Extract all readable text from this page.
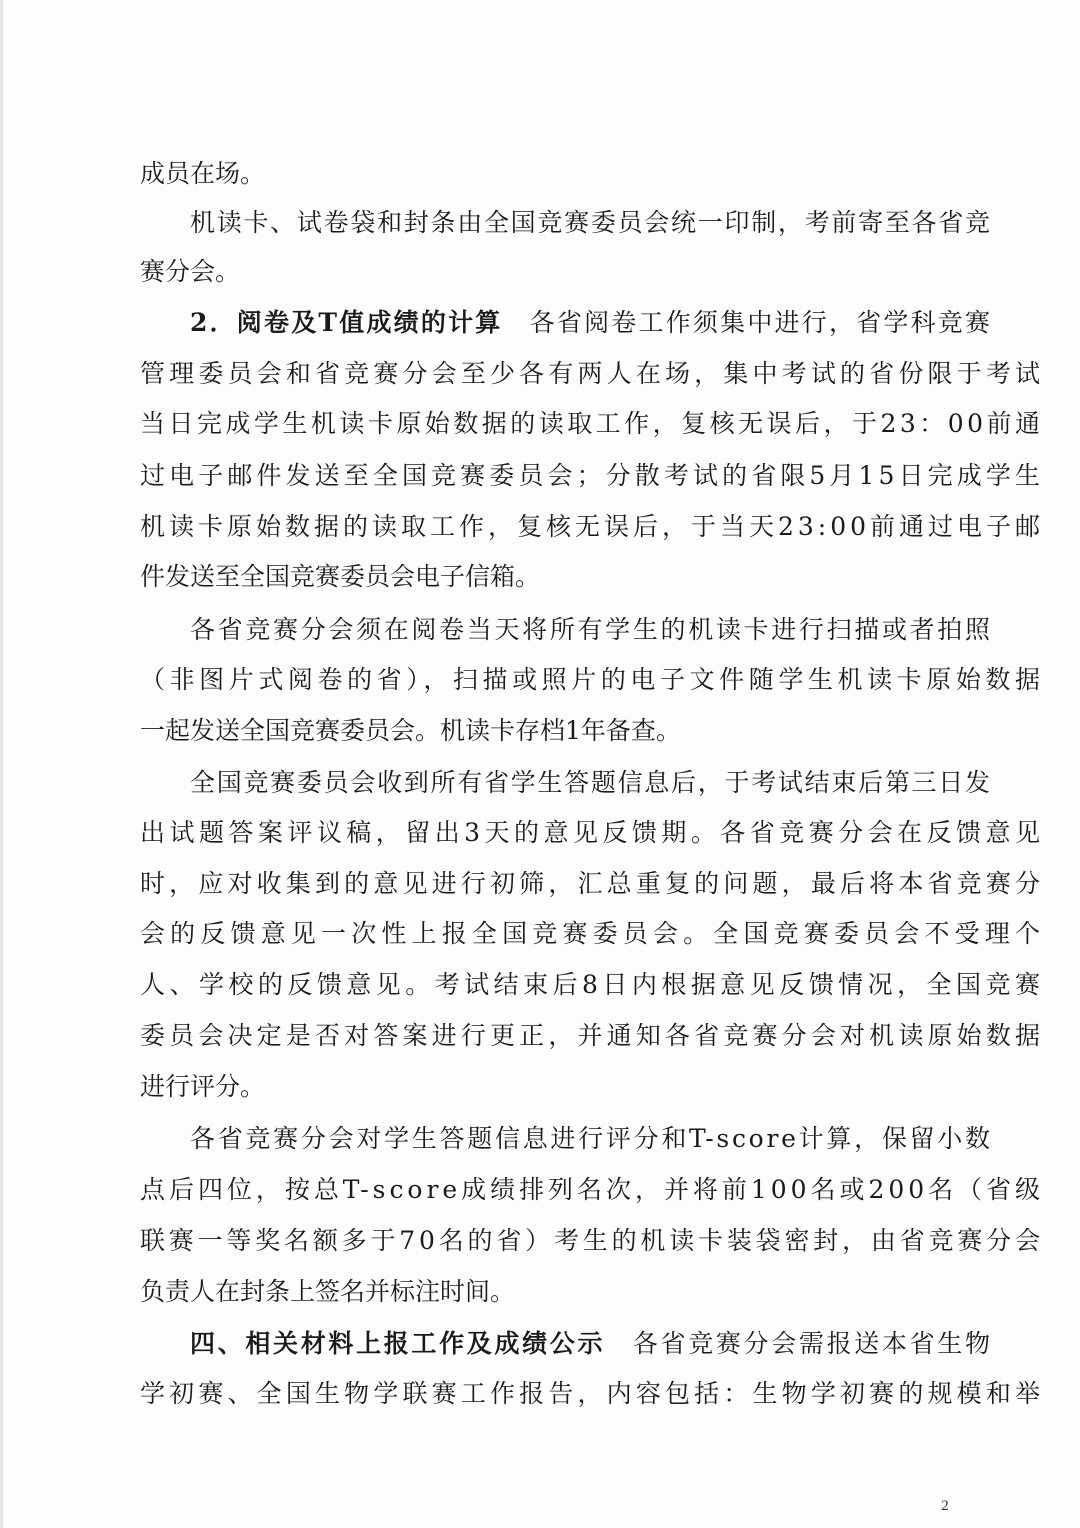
成员在场。
机读卡、试卷袋和封条由全国竞赛委员会统一印制，考前寄至各省竞
赛分会。
2．阅卷及T值成绩的计算　各省阅卷工作须集中进行，省学科竞赛
管理委员会和省竞赛分会至少各有两人在场，集中考试的省份限于考试
当日完成学生机读卡原始数据的读取工作，复核无误后，于23：00前通
过电子邮件发送至全国竞赛委员会；分散考试的省限5月15日完成学生
机读卡原始数据的读取工作，复核无误后，于当天23:00前通过电子邮
件发送至全国竞赛委员会电子信箱。
各省竞赛分会须在阅卷当天将所有学生的机读卡进行扫描或者拍照
（非图片式阅卷的省），扫描或照片的电子文件随学生机读卡原始数据
一起发送全国竞赛委员会。机读卡存档1年备查。
全国竞赛委员会收到所有省学生答题信息后，于考试结束后第三日发
出试题答案评议稿，留出3天的意见反馈期。各省竞赛分会在反馈意见
时，应对收集到的意见进行初筛，汇总重复的问题，最后将本省竞赛分
会的反馈意见一次性上报全国竞赛委员会。全国竞赛委员会不受理个
人、学校的反馈意见。考试结束后8日内根据意见反馈情况，全国竞赛
委员会决定是否对答案进行更正，并通知各省竞赛分会对机读原始数据
进行评分。
各省竞赛分会对学生答题信息进行评分和T-score计算，保留小数
点后四位，按总T-score成绩排列名次，并将前100名或200名（省级
联赛一等奖名额多于70名的省）考生的机读卡装袋密封，由省竞赛分会
负责人在封条上签名并标注时间。
四、相关材料上报工作及成绩公示　各省竞赛分会需报送本省生物
学初赛、全国生物学联赛工作报告，内容包括：生物学初赛的规模和举
2
